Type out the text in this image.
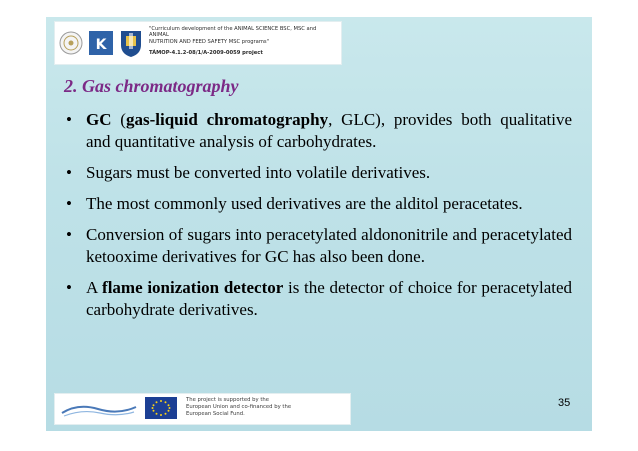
K
"Curriculum development of the ANIMAL SCIENCE BSC, MSC and ANIMAL
NUTRITION AND FEED SAFETY MSC programs"
TÁMOP-4.1.2-08/1/A-2009-0059 project
2. Gas chromatography
• GC (gas-liquid chromatography, GLC), provides both qualitative and quantitative analysis of carbohydrates.
• Sugars must be converted into volatile derivatives.
• The most commonly used derivatives are the alditol peracetates.
• Conversion of sugars into peracetylated aldononitrile and peracetylated ketooxime derivatives for GC has also been done.
• A flame ionization detector is the detector of choice for peracetylated carbohydrate derivatives.
The project is supported by the
European Union and co-financed by the
European Social Fund.
35
